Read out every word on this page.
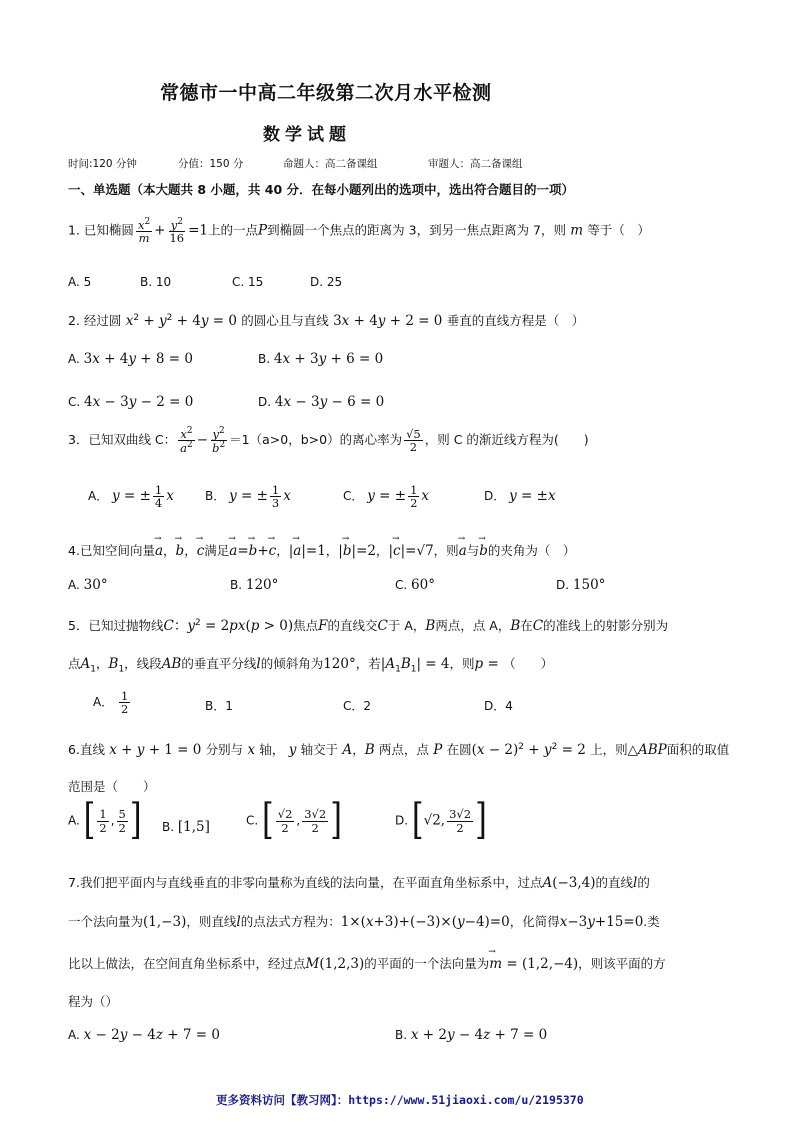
常德市一中高二年级第二次月水平检测
数学试题
时间:120 分钟	分值：150 分	命题人：高二备课组	审题人：高二备课组
一、单选题（本大题共 8 小题，共 40 分．在每小题列出的选项中，选出符合题目的一项）
1. 已知椭圆 $\frac{x^2}{m} + \frac{y^2}{16} =1$上的一点P到椭圆一个焦点的距离为 3，到另一焦点距离为 7，则 m 等于（　）
A. 5	B. 10	C. 15	D. 25
2. 经过圆 $x^2 + y^2 + 4y = 0$ 的圆心且与直线 3x + 4y + 2 = 0 垂直的直线方程是（　）
A. 3x + 4y + 8 = 0	B. 4x + 3y + 6 = 0
C. 4x − 3y − 2 = 0	D. 4x − 3y − 6 = 0
3．已知双曲线 C： $\frac{x^2}{a^2} - \frac{y^2}{b^2} =1(a>0$，b>0）的离心率为 $\frac{√5}{2}$ ，则 C 的渐近线方程为(　　)
A． y = ± $\frac{1}{4}$ x	B． y = ± $\frac{1}{3}$ x	C． y = ± $\frac{1}{2}$ x	D． y = ±x
4.已知空间向量→ a，→ b，→ c满足→ a=→ b+→ c，|→ a|=1，|→ b|=2，|→ c|=√7，则→ a与→ b的夹角为（　）
A. 30°	B. 120°	C. 60°	D. 150°
5．已知过抛物线C：$y^2 = 2px(p > 0)$焦点F的直线交C于 A，B两点，点 A，B在C的准线上的射影分别为
点$A_1$，$B_1$，线段AB的垂直平分线l的倾斜角为120°，若$|A_1B_1| = 4$，则p = （　　）
A． $\frac{1}{2}$	B．1	C．2	D．4
6.直线 x + y + 1 = 0 分别与 x 轴， y 轴交于 A，B 两点，点 P 在圆$(x - 2)^2 + y^2 = 2$ 上，则△ABP面积的取值
范围是（　　）
A. [ $\frac{1}{2}$ , $\frac{5}{2}$ ] B. [1,5]	C. [ $\frac{√2}{2}$ , $\frac{3√2}{2}$ ]	D. [√2, $\frac{3√2}{2}$ ]
7.我们把平面内与直线垂直的非零向量称为直线的法向量，在平面直角坐标系中，过点A(−3,4)的直线l的
一个法向量为(1,−3)，则直线l的点法式方程为：1×(x+3)+(−3)×(y−4)=0，化简得x−3y+15=0.类
比以上做法，在空间直角坐标系中，经过点M(1,2,3)的平面的一个法向量为→ m = (1,2,−4)，则该平面的方
程为（）
A. x − 2y − 4z + 7 = 0	B. x + 2y − 4z + 7 = 0
更多资料访问【教习网】：https://www.51jiaoxi.com/u/2195370
